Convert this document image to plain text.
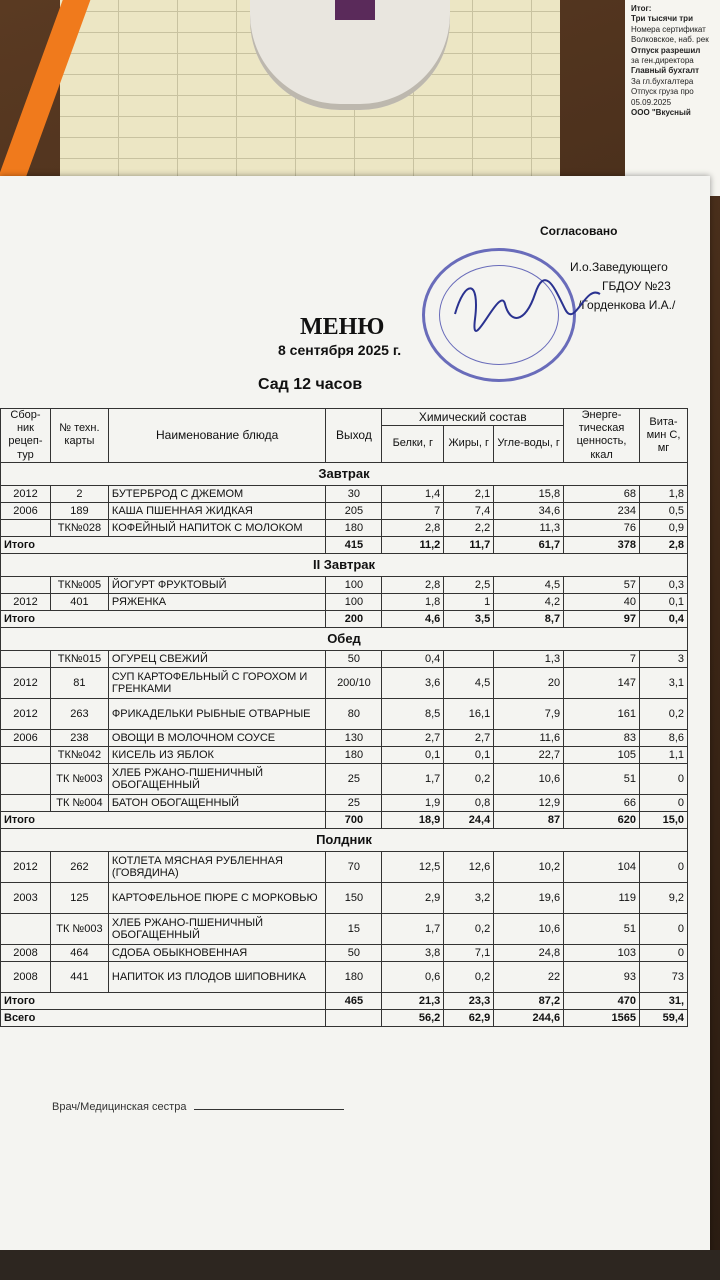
Итог:
Три тысячи три
Номера сертификат
Волковское, наб. рек
Отпуск разрешил
за ген.директора
Главный бухгалт
За гл.бухгалтера
Отпуск груза про
05.09.2025
ООО "Вкусный
Согласовано
И.о.Заведующего
ГБДОУ №23
/Горденкова И.А./
МЕНЮ
8 сентября 2025 г.
Сад 12 часов
Сбор-ник рецеп-тур	№ техн. карты	Наименование блюда	Выход	Химический состав			Энерге-тическая ценность, ккал	Вита-мин С, мг
				Белки, г	Жиры, г	Угле-воды, г		
Завтрак								
2012	2	БУТЕРБРОД С ДЖЕМОМ	30	1,4	2,1	15,8	68	1,8
2006	189	КАША ПШЕННАЯ ЖИДКАЯ	205	7	7,4	34,6	234	0,5
	ТК№028	КОФЕЙНЫЙ НАПИТОК С МОЛОКОМ	180	2,8	2,2	11,3	76	0,9
Итого			415	11,2	11,7	61,7	378	2,8
II Завтрак								
	ТК№005	ЙОГУРТ ФРУКТОВЫЙ	100	2,8	2,5	4,5	57	0,3
2012	401	РЯЖЕНКА	100	1,8	1	4,2	40	0,1
Итого			200	4,6	3,5	8,7	97	0,4
Обед								
	ТК№015	ОГУРЕЦ СВЕЖИЙ	50	0,4		1,3	7	3
2012	81	СУП КАРТОФЕЛЬНЫЙ С ГОРОХОМ И ГРЕНКАМИ	200/10	3,6	4,5	20	147	3,1
2012	263	ФРИКАДЕЛЬКИ РЫБНЫЕ ОТВАРНЫЕ	80	8,5	16,1	7,9	161	0,2
2006	238	ОВОЩИ В МОЛОЧНОМ СОУСЕ	130	2,7	2,7	11,6	83	8,6
	ТК№042	КИСЕЛЬ ИЗ ЯБЛОК	180	0,1	0,1	22,7	105	1,1
	ТК №003	ХЛЕБ РЖАНО-ПШЕНИЧНЫЙ ОБОГАЩЕННЫЙ	25	1,7	0,2	10,6	51	0
	ТК №004	БАТОН ОБОГАЩЕННЫЙ	25	1,9	0,8	12,9	66	0
Итого			700	18,9	24,4	87	620	15,0
Полдник								
2012	262	КОТЛЕТА МЯСНАЯ РУБЛЕННАЯ (ГОВЯДИНА)	70	12,5	12,6	10,2	104	0
2003	125	КАРТОФЕЛЬНОЕ ПЮРЕ С МОРКОВЬЮ	150	2,9	3,2	19,6	119	9,2
	ТК №003	ХЛЕБ РЖАНО-ПШЕНИЧНЫЙ ОБОГАЩЕННЫЙ	15	1,7	0,2	10,6	51	0
2008	464	СДОБА ОБЫКНОВЕННАЯ	50	3,8	7,1	24,8	103	0
2008	441	НАПИТОК ИЗ ПЛОДОВ ШИПОВНИКА	180	0,6	0,2	22	93	73
Итого			465	21,3	23,3	87,2	470	31,
Всего				56,2	62,9	244,6	1565	59,4
Врач/Медицинская сестра
